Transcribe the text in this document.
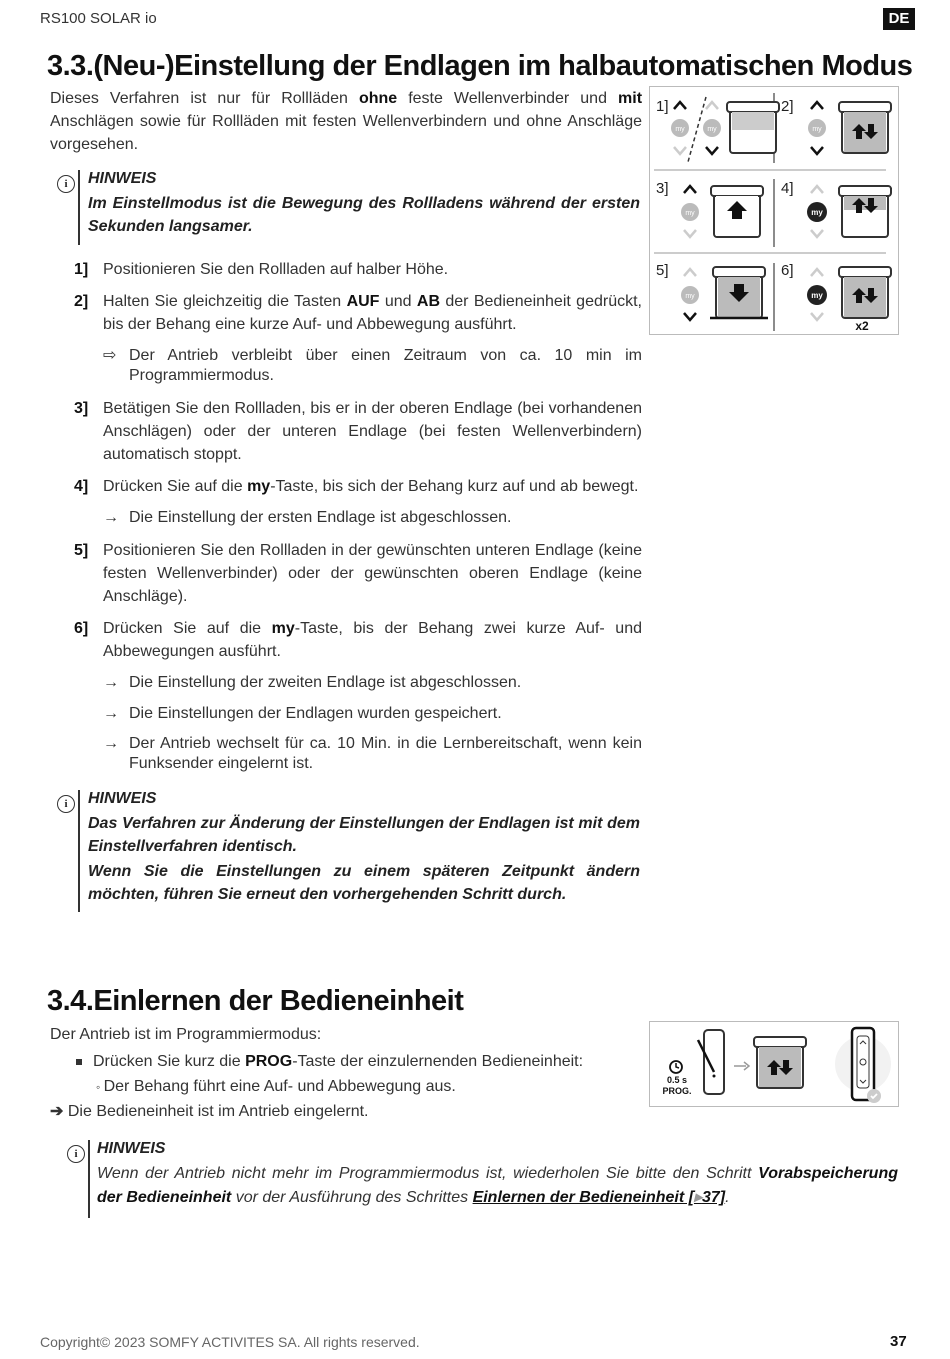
RS100 SOLAR io	DE
3.3.(Neu-)Einstellung der Endlagen im halbautomatischen Modus
Dieses Verfahren ist nur für Rollläden ohne feste Wellenverbinder und mit Anschlägen sowie für Rollläden mit festen Wellenverbindern und ohne Anschläge vorgesehen.
i	HINWEIS
Im Einstellmodus ist die Bewegung des Rollladens während der ersten Sekunden langsamer.
1] Positionieren Sie den Rollladen auf halber Höhe.
2] Halten Sie gleichzeitig die Tasten AUF und AB der Bedieneinheit gedrückt, bis der Behang eine kurze Auf- und Abbewegung ausführt.
⇨ Der Antrieb verbleibt über einen Zeitraum von ca. 10 min im Programmiermodus.
3] Betätigen Sie den Rollladen, bis er in der oberen Endlage (bei vorhandenen Anschlägen) oder der unteren Endlage (bei festen Wellenverbindern) automatisch stoppt.
4] Drücken Sie auf die my-Taste, bis sich der Behang kurz auf und ab bewegt.
→ Die Einstellung der ersten Endlage ist abgeschlossen.
5] Positionieren Sie den Rollladen in der gewünschten unteren Endlage (keine festen Wellenverbinder) oder der gewünschten oberen Endlage (keine Anschläge).
6] Drücken Sie auf die my-Taste, bis der Behang zwei kurze Auf- und Abbewegungen ausführt.
→ Die Einstellung der zweiten Endlage ist abgeschlossen.
→ Die Einstellungen der Endlagen wurden gespeichert.
→ Der Antrieb wechselt für ca. 10 Min. in die Lernbereitschaft, wenn kein Funksender eingelernt ist.
i	HINWEIS
Das Verfahren zur Änderung der Einstellungen der Endlagen ist mit dem Einstellverfahren identisch.
Wenn Sie die Einstellungen zu einem späteren Zeitpunkt ändern möchten, führen Sie erneut den vorhergehenden Schritt durch.
1]	2]
3]	4]
5]	6]
my	my	my
my	my
my	my
x2
3.4.Einlernen der Bedieneinheit
Der Antrieb ist im Programmiermodus:
Drücken Sie kurz die PROG-Taste der einzulernenden Bedieneinheit:
◦ Der Behang führt eine Auf- und Abbewegung aus.
➔ Die Bedieneinheit ist im Antrieb eingelernt.
i	HINWEIS
Wenn der Antrieb nicht mehr im Programmiermodus ist, wiederholen Sie bitte den Schritt Vorabspeicherung der Bedieneinheit vor der Ausführung des Schrittes Einlernen der Bedieneinheit [▸37].
0.5 s
PROG.
Copyright© 2023 SOMFY ACTIVITES SA. All rights reserved.	37
